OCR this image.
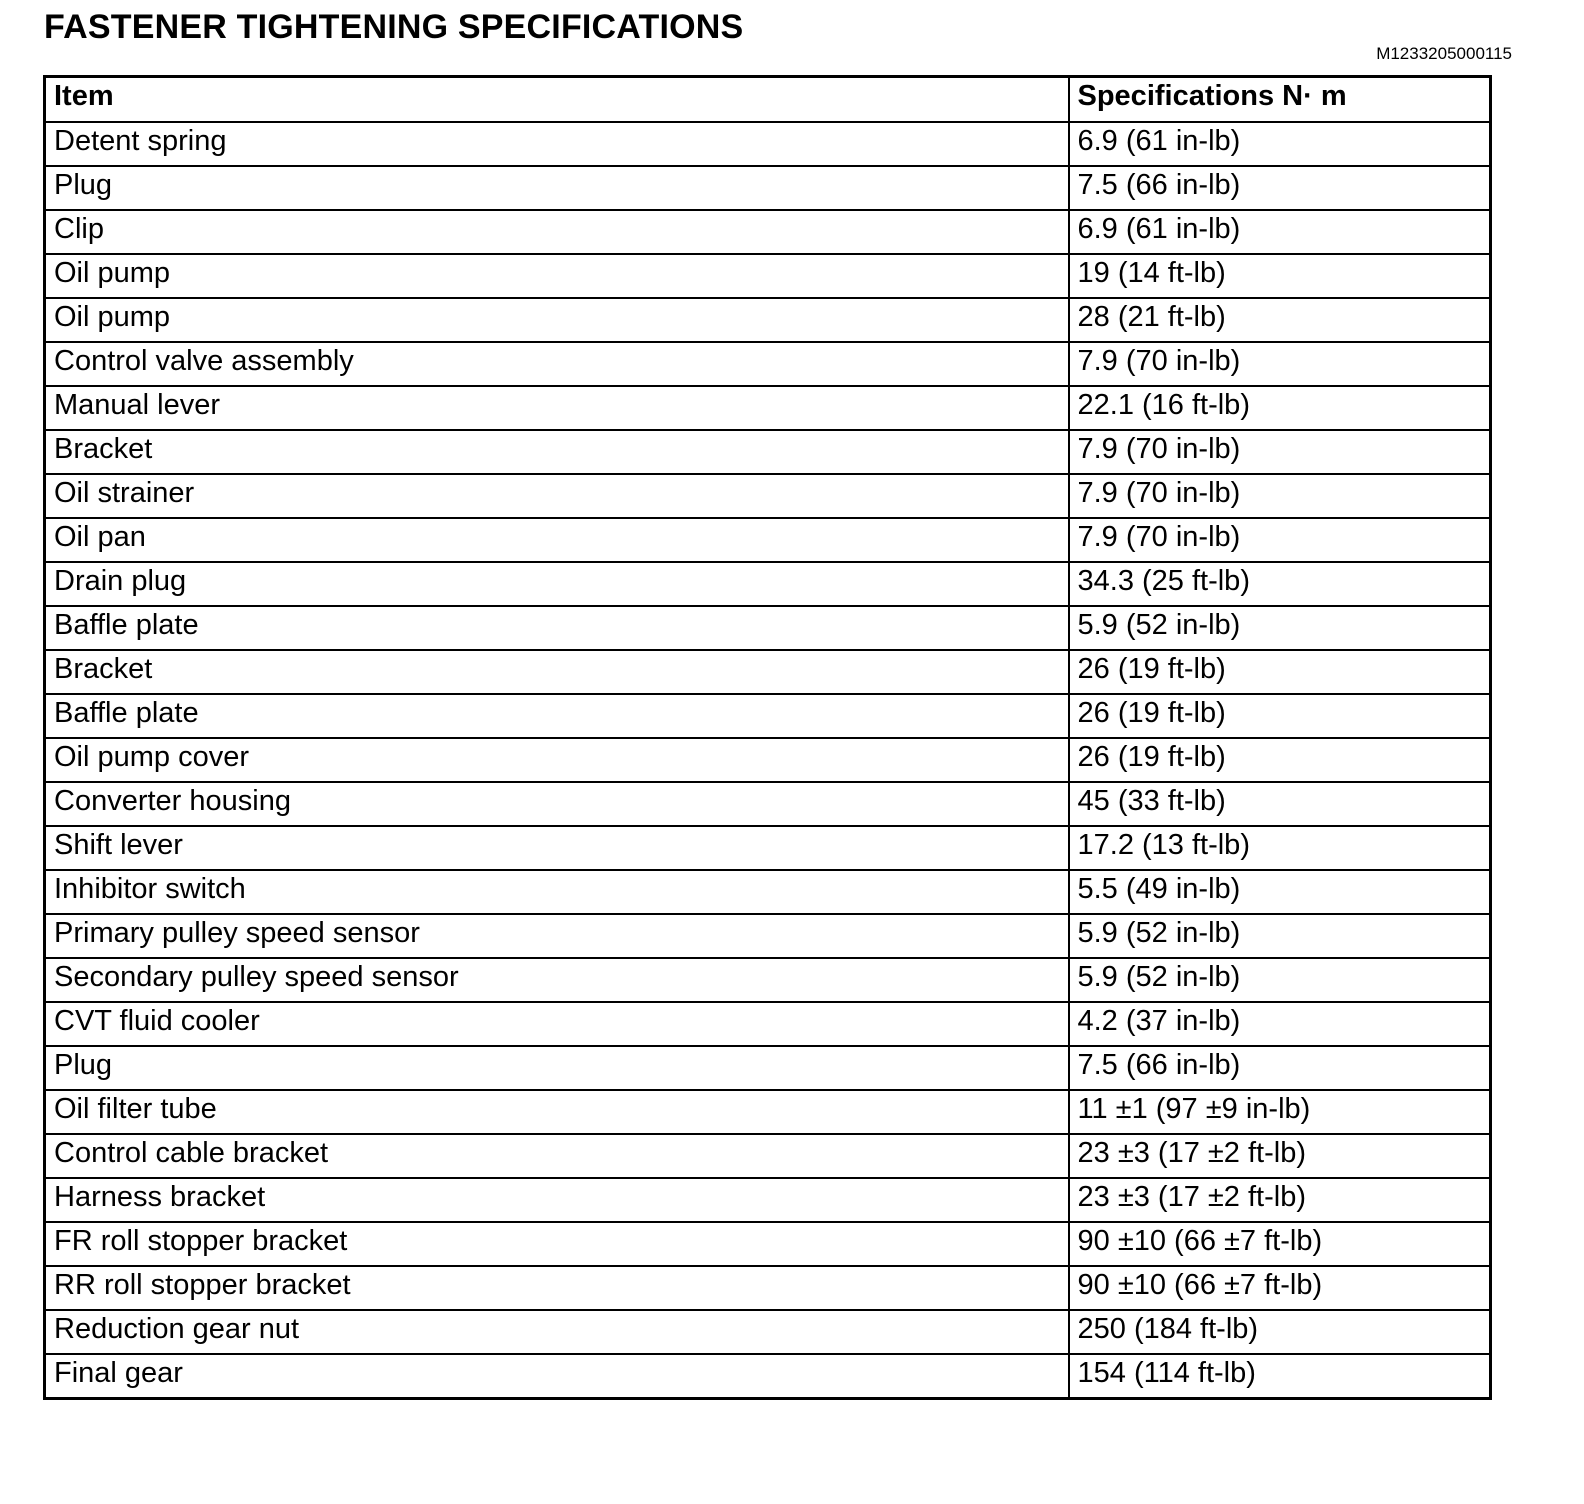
FASTENER TIGHTENING SPECIFICATIONS
M1233205000115
Item	Specifications N· m
Detent spring	6.9 (61 in-lb)
Plug	7.5 (66 in-lb)
Clip	6.9 (61 in-lb)
Oil pump	19 (14 ft-lb)
Oil pump	28 (21 ft-lb)
Control valve assembly	7.9 (70 in-lb)
Manual lever	22.1 (16 ft-lb)
Bracket	7.9 (70 in-lb)
Oil strainer	7.9 (70 in-lb)
Oil pan	7.9 (70 in-lb)
Drain plug	34.3 (25 ft-lb)
Baffle plate	5.9 (52 in-lb)
Bracket	26 (19 ft-lb)
Baffle plate	26 (19 ft-lb)
Oil pump cover	26 (19 ft-lb)
Converter housing	45 (33 ft-lb)
Shift lever	17.2 (13 ft-lb)
Inhibitor switch	5.5 (49 in-lb)
Primary pulley speed sensor	5.9 (52 in-lb)
Secondary pulley speed sensor	5.9 (52 in-lb)
CVT fluid cooler	4.2 (37 in-lb)
Plug	7.5 (66 in-lb)
Oil filter tube	11 ±1 (97 ±9 in-lb)
Control cable bracket	23 ±3 (17 ±2 ft-lb)
Harness bracket	23 ±3 (17 ±2 ft-lb)
FR roll stopper bracket	90 ±10 (66 ±7 ft-lb)
RR roll stopper bracket	90 ±10 (66 ±7 ft-lb)
Reduction gear nut	250 (184 ft-lb)
Final gear	154 (114 ft-lb)
